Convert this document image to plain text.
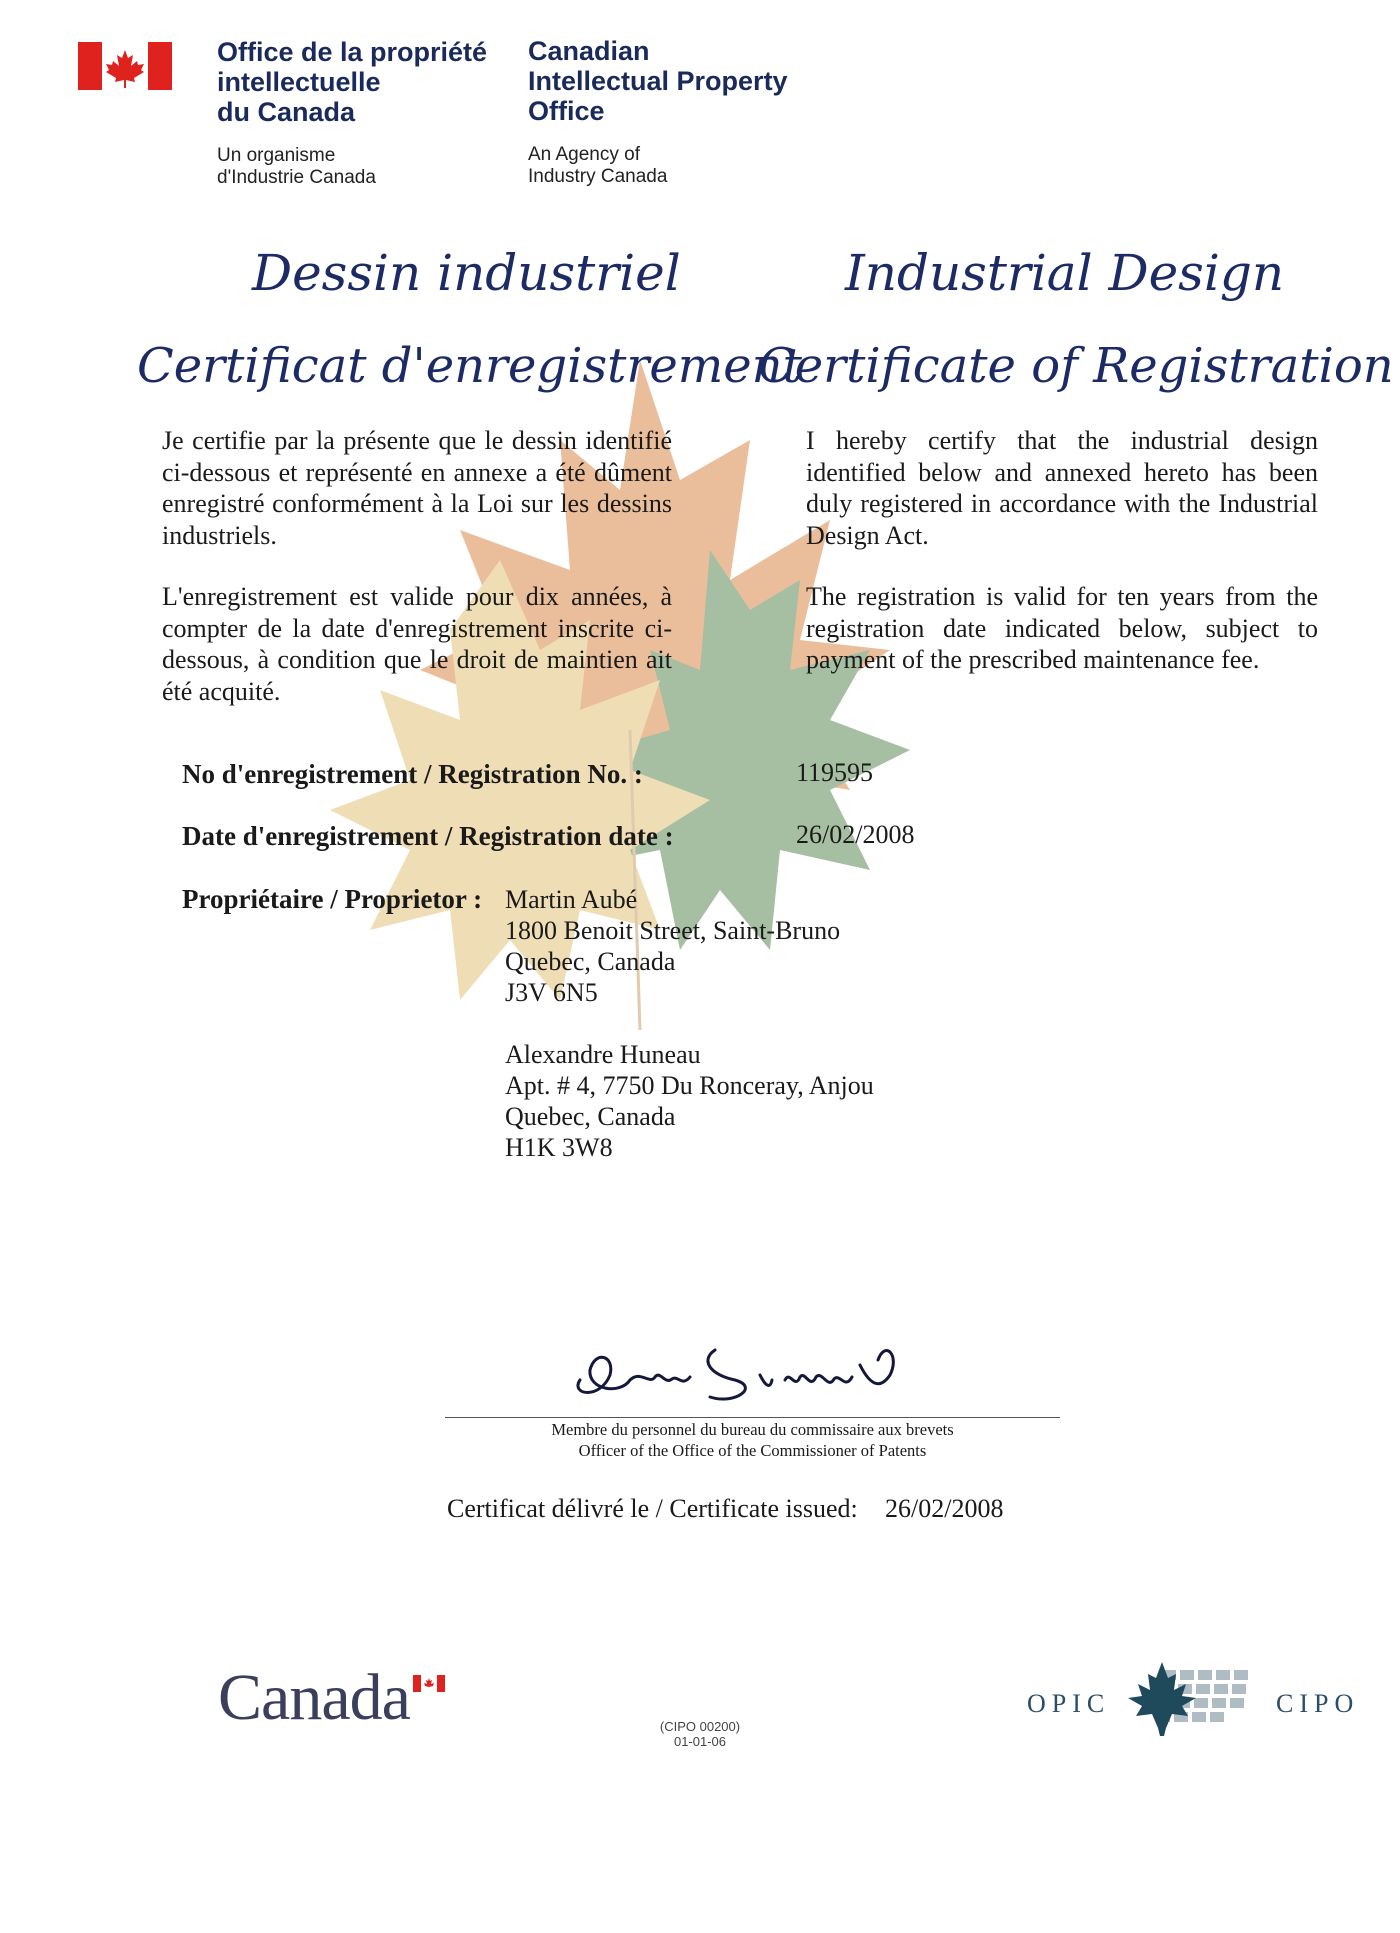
Office de la propriété
intellectuelle
du Canada
Un organisme
d'Industrie Canada
Canadian
Intellectual Property
Office
An Agency of
Industry Canada
Dessin industriel	Industrial Design
Certificat d'enregistrement
Certificate of Registration

Je certifie par la présente que le dessin identifié ci-dessous et représenté en annexe a été dûment enregistré conformément à la Loi sur les dessins industriels.

L'enregistrement est valide pour dix années, à compter de la date d'enregistrement inscrite ci-dessous, à condition que le droit de maintien ait été acquité.

I hereby certify that the industrial design identified below and annexed hereto has been duly registered in accordance with the Industrial Design Act.

The registration is valid for ten years from the registration date indicated below, subject to payment of the prescribed maintenance fee.

No d'enregistrement / Registration No. :	119595
Date d'enregistrement / Registration date :	26/02/2008
Propriétaire / Proprietor : Martin Aubé
1800 Benoit Street, Saint-Bruno
Quebec, Canada
J3V 6N5
Alexandre Huneau
Apt. # 4, 7750 Du Ronceray, Anjou
Quebec, Canada
H1K 3W8
Membre du personnel du bureau du commissaire aux brevets
Officer of the Office of the Commissioner of Patents
Certificat délivré le / Certificate issued: 26/02/2008
Canada	(CIPO 00200)
01-01-06
OPIC	CIPO
